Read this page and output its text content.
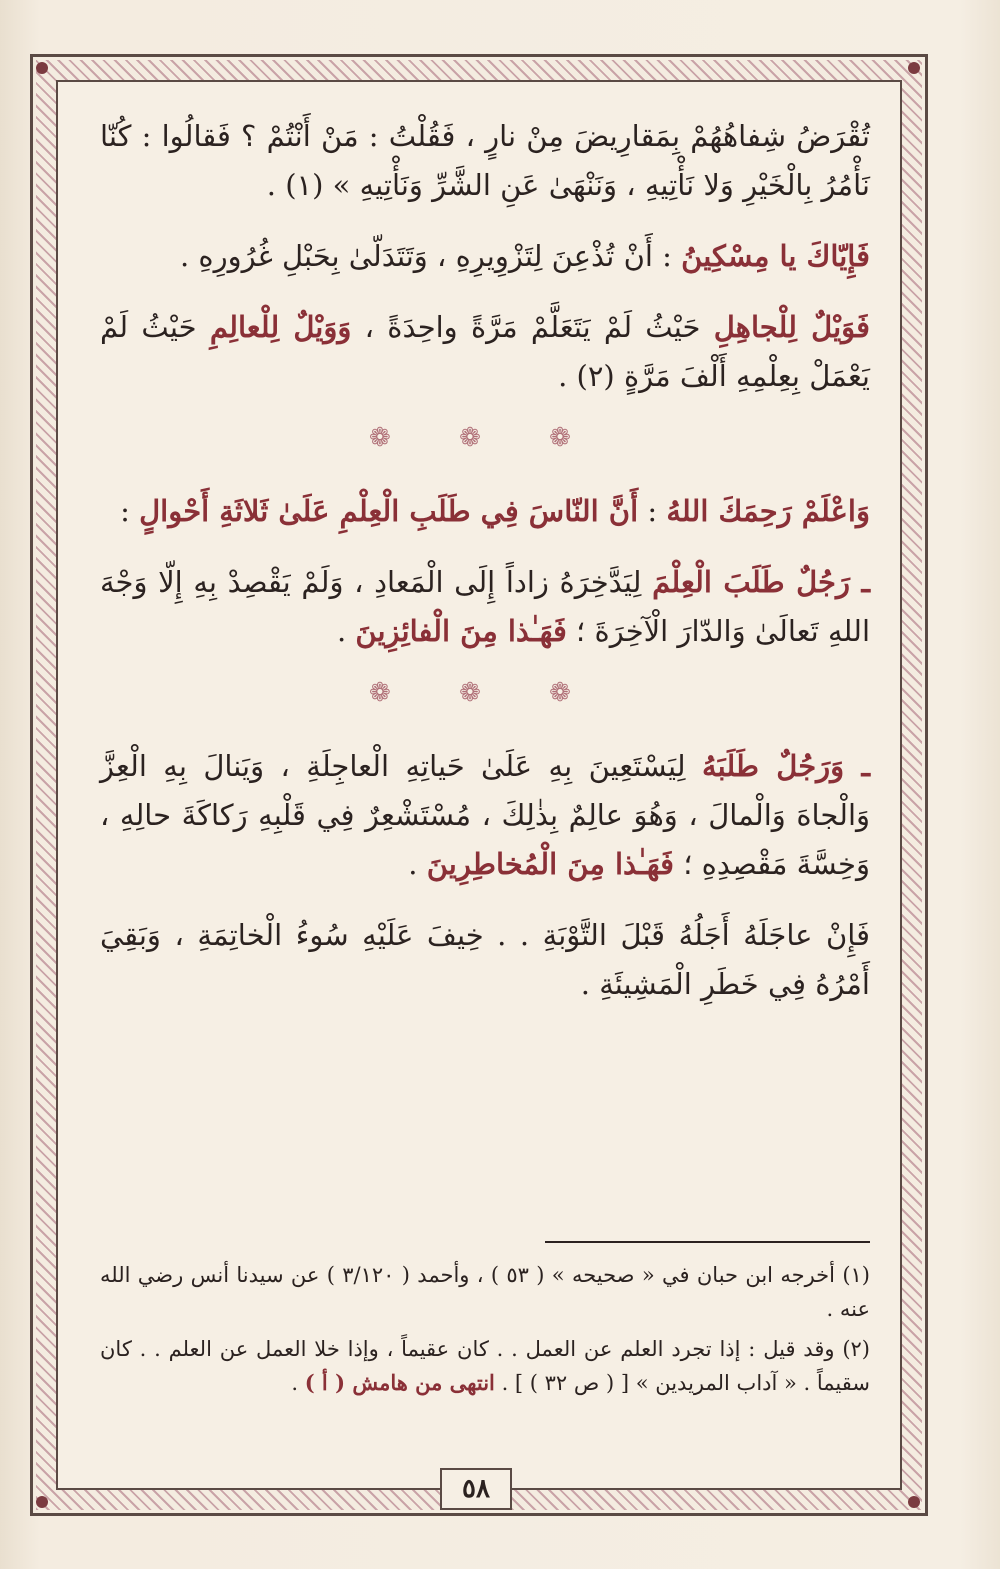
تُقْرَضُ شِفاهُهُمْ بِمَقارِيضَ مِنْ نارٍ ، فَقُلْتُ : مَنْ أَنْتُمْ ؟ فَقالُوا : كُنّا نَأْمُرُ بِالْخَيْرِ وَلا نَأْتِيهِ ، وَنَنْهَىٰ عَنِ الشَّرِّ وَنَأْتِيهِ » (١) .

فَإِيّاكَ يا مِسْكِينُ : أَنْ تُذْعِنَ لِتَزْوِيرِهِ ، وَتَتَدَلّىٰ بِحَبْلِ غُرُورِهِ .

فَوَيْلٌ لِلْجاهِلِ حَيْثُ لَمْ يَتَعَلَّمْ مَرَّةً واحِدَةً ، وَوَيْلٌ لِلْعالِمِ حَيْثُ لَمْ يَعْمَلْ بِعِلْمِهِ أَلْفَ مَرَّةٍ (٢) .

❁ ❁ ❁

وَاعْلَمْ رَحِمَكَ اللهُ : أَنَّ النّاسَ فِي طَلَبِ الْعِلْمِ عَلَىٰ ثَلاثَةِ أَحْوالٍ :

ـ رَجُلٌ طَلَبَ الْعِلْمَ لِيَدَّخِرَهُ زاداً إِلَى الْمَعادِ ، وَلَمْ يَقْصِدْ بِهِ إِلّا وَجْهَ اللهِ تَعالَىٰ وَالدّارَ الْآخِرَةَ ؛ فَهَـٰذا مِنَ الْفائِزِينَ .

❁ ❁ ❁

ـ وَرَجُلٌ طَلَبَهُ لِيَسْتَعِينَ بِهِ عَلَىٰ حَياتِهِ الْعاجِلَةِ ، وَيَنالَ بِهِ الْعِزَّ وَالْجاهَ وَالْمالَ ، وَهُوَ عالِمٌ بِذٰلِكَ ، مُسْتَشْعِرٌ فِي قَلْبِهِ رَكاكَةَ حالِهِ ، وَخِسَّةَ مَقْصِدِهِ ؛ فَهَـٰذا مِنَ الْمُخاطِرِينَ .

فَإِنْ عاجَلَهُ أَجَلُهُ قَبْلَ التَّوْبَةِ . . خِيفَ عَلَيْهِ سُوءُ الْخاتِمَةِ ، وَبَقِيَ أَمْرُهُ فِي خَطَرِ الْمَشِيئَةِ .

(١) أخرجه ابن حبان في « صحيحه » ( ٥٣ ) ، وأحمد ( ٣/١٢٠ ) عن سيدنا أنس رضي الله عنه .

(٢) وقد قيل : إذا تجرد العلم عن العمل . . كان عقيماً ، وإذا خلا العمل عن العلم . . كان سقيماً . « آداب المريدين » [ ( ص ٣٢ ) ] . انتهى من هامش ( أ ) .

٥٨
